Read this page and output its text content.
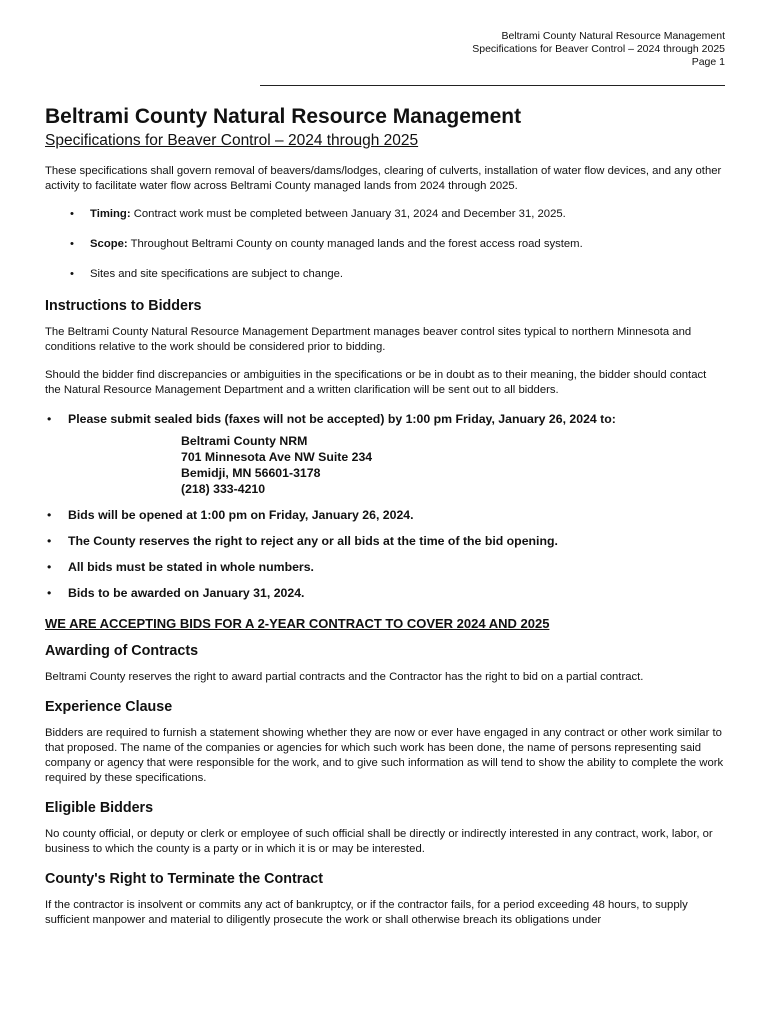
Beltrami County Natural Resource Management
Specifications for Beaver Control – 2024 through 2025
Page 1
Beltrami County Natural Resource Management
Specifications for Beaver Control – 2024 through 2025

These specifications shall govern removal of beavers/dams/lodges, clearing of culverts, installation of water flow devices, and any other activity to facilitate water flow across Beltrami County managed lands from 2024 through 2025.

• Timing: Contract work must be completed between January 31, 2024 and December 31, 2025.
• Scope: Throughout Beltrami County on county managed lands and the forest access road system.
• Sites and site specifications are subject to change.
Instructions to Bidders

The Beltrami County Natural Resource Management Department manages beaver control sites typical to northern Minnesota and conditions relative to the work should be considered prior to bidding.

Should the bidder find discrepancies or ambiguities in the specifications or be in doubt as to their meaning, the bidder should contact the Natural Resource Management Department and a written clarification will be sent out to all bidders.

• Please submit sealed bids (faxes will not be accepted) by 1:00 pm Friday, January 26, 2024 to:
Beltrami County NRM
701 Minnesota Ave NW Suite 234
Bemidji, MN 56601-3178
(218) 333-4210
• Bids will be opened at 1:00 pm on Friday, January 26, 2024.
• The County reserves the right to reject any or all bids at the time of the bid opening.
• All bids must be stated in whole numbers.
• Bids to be awarded on January 31, 2024.
WE ARE ACCEPTING BIDS FOR A 2-YEAR CONTRACT TO COVER 2024 AND 2025
Awarding of Contracts

Beltrami County reserves the right to award partial contracts and the Contractor has the right to bid on a partial contract.

Experience Clause

Bidders are required to furnish a statement showing whether they are now or ever have engaged in any contract or other work similar to that proposed. The name of the companies or agencies for which such work has been done, the name of persons representing said company or agency that were responsible for the work, and to give such information as will tend to show the ability to complete the work required by these specifications.

Eligible Bidders

No county official, or deputy or clerk or employee of such official shall be directly or indirectly interested in any contract, work, labor, or business to which the county is a party or in which it is or may be interested.

County's Right to Terminate the Contract

If the contractor is insolvent or commits any act of bankruptcy, or if the contractor fails, for a period exceeding 48 hours, to supply sufficient manpower and material to diligently prosecute the work or shall otherwise breach its obligations under
